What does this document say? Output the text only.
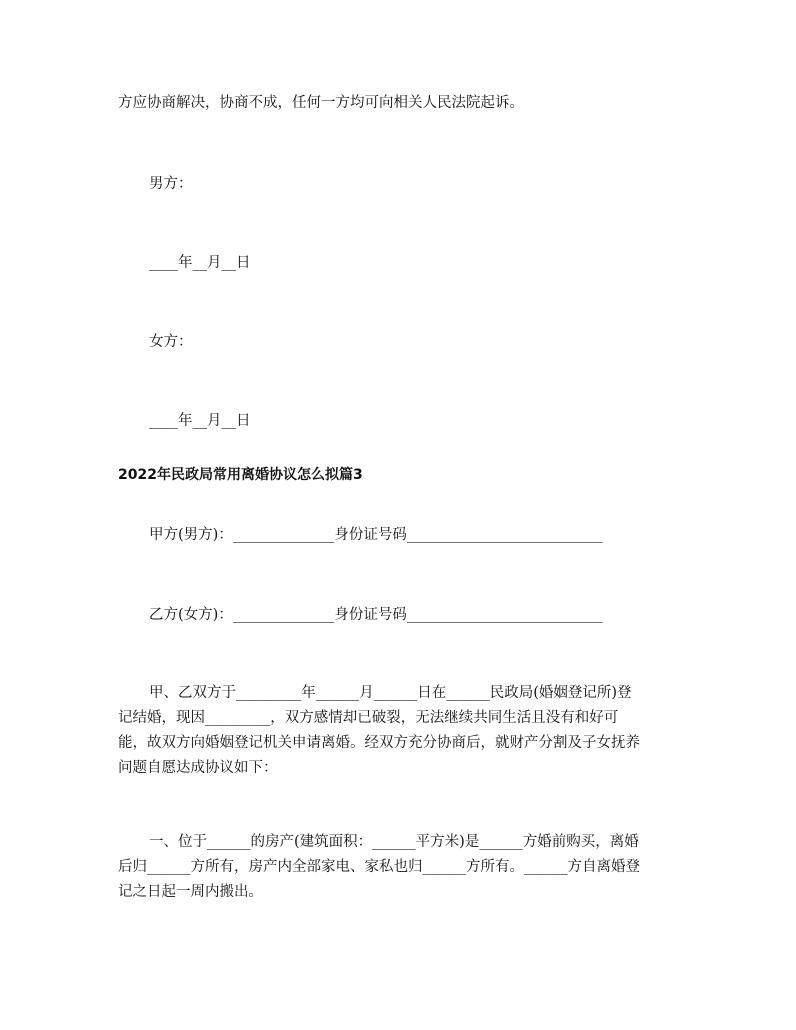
方应协商解决，协商不成，任何一方均可向相关人民法院起诉。

男方：

____年__月__日

女方：

____年__月__日

2022年民政局常用离婚协议怎么拟篇3

甲方(男方)：______________身份证号码___________________________

乙方(女方)：______________身份证号码___________________________

甲、乙双方于_________年______月______日在______民政局(婚姻登记所)登

记结婚，现因_________，双方感情却已破裂，无法继续共同生活且没有和好可

能，故双方向婚姻登记机关申请离婚。经双方充分协商后，就财产分割及子女抚养

问题自愿达成协议如下：

一、位于______的房产(建筑面积：______平方米)是______方婚前购买，离婚

后归______方所有，房产内全部家电、家私也归______方所有。______方自离婚登

记之日起一周内搬出。
